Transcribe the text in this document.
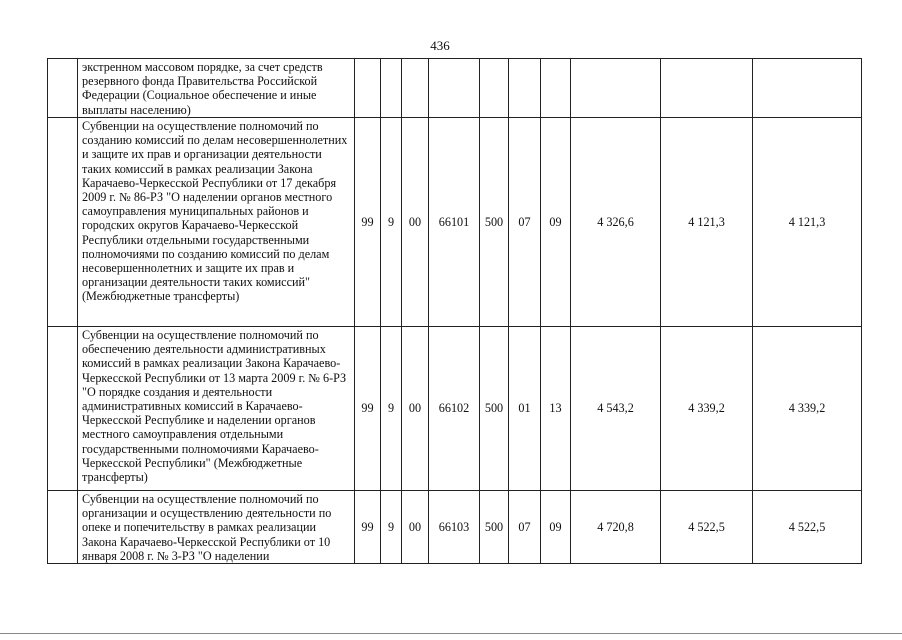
436
	экстренном массовом порядке, за счет средств резервного фонда Правительства Российской Федерации (Социальное обеспечение и иные выплаты населению)										
	Субвенции на осуществление полномочий по созданию комиссий по делам несовершеннолетних и защите их прав и организации деятельности таких комиссий в рамках реализации Закона Карачаево-Черкесской Республики от 17 декабря 2009 г. № 86-РЗ "О наделении органов местного самоуправления муниципальных районов и городских округов Карачаево-Черкесской Республики отдельными государственными полномочиями по созданию комиссий по делам несовершеннолетних и защите их прав и организации деятельности таких комиссий" (Межбюджетные трансферты)	99	9	00	66101	500	07	09	4 326,6	4 121,3	4 121,3
	Субвенции на осуществление полномочий по обеспечению деятельности административных комиссий в рамках реализации Закона Карачаево-Черкесской Республики от 13 марта 2009 г. № 6-РЗ "О порядке создания и деятельности административных комиссий в Карачаево-Черкесской Республике и наделении органов местного самоуправления отдельными государственными полномочиями Карачаево-Черкесской Республики" (Межбюджетные трансферты)	99	9	00	66102	500	01	13	4 543,2	4 339,2	4 339,2
	Субвенции на осуществление полномочий по организации и осуществлению деятельности по опеке и попечительству в рамках реализации Закона Карачаево-Черкесской Республики от 10 января 2008 г. № 3-РЗ "О наделении	99	9	00	66103	500	07	09	4 720,8	4 522,5	4 522,5
